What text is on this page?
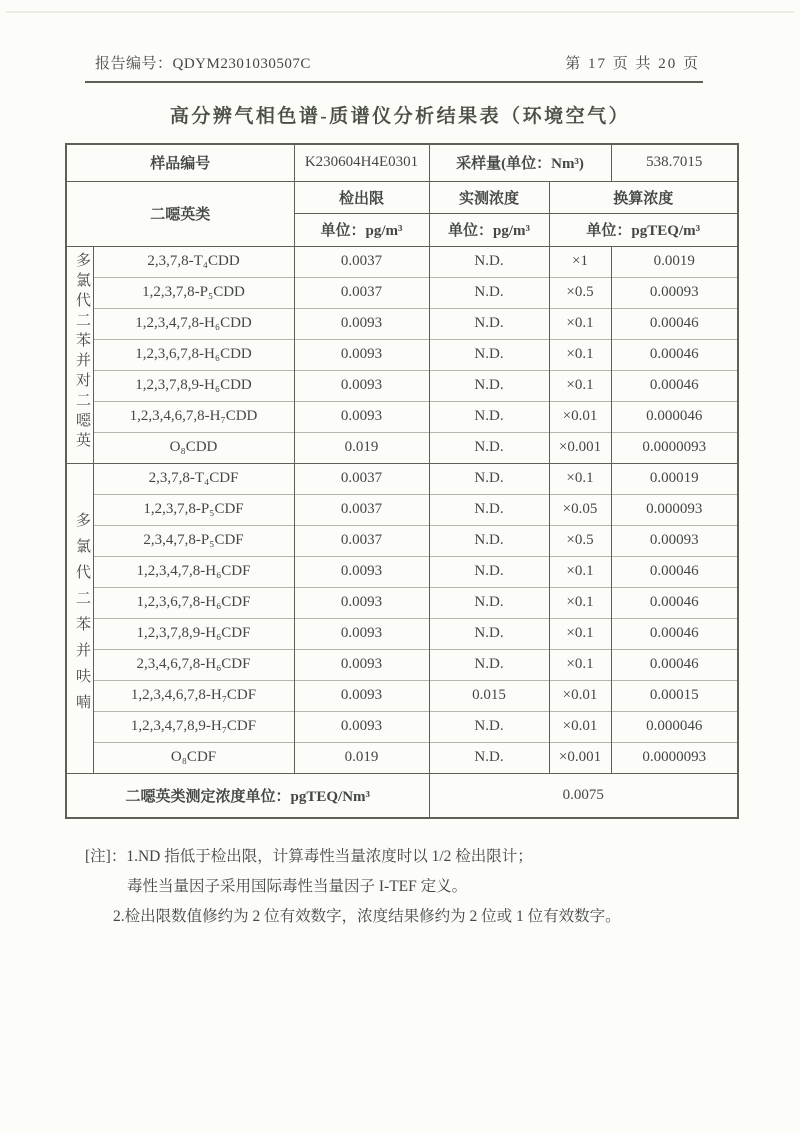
报告编号：QDYM2301030507C	第 17 页 共 20 页
高分辨气相色谱-质谱仪分析结果表（环境空气）
样品编号		K230604H4E0301	采样量(单位：Nm³)		538.7015
二噁英类		检出限	实测浓度	换算浓度	
		单位：pg/m³	单位：pg/m³	单位：pgTEQ/m³	
多氯代二苯并对二噁英	2,3,7,8-T₄CDD	0.0037	N.D.	×1	0.0019
	1,2,3,7,8-P₅CDD	0.0037	N.D.	×0.5	0.00093
	1,2,3,4,7,8-H₆CDD	0.0093	N.D.	×0.1	0.00046
	1,2,3,6,7,8-H₆CDD	0.0093	N.D.	×0.1	0.00046
	1,2,3,7,8,9-H₆CDD	0.0093	N.D.	×0.1	0.00046
	1,2,3,4,6,7,8-H₇CDD	0.0093	N.D.	×0.01	0.000046
	O₈CDD	0.019	N.D.	×0.001	0.0000093
多氯代二苯并呋喃	2,3,7,8-T₄CDF	0.0037	N.D.	×0.1	0.00019
	1,2,3,7,8-P₅CDF	0.0037	N.D.	×0.05	0.000093
	2,3,4,7,8-P₅CDF	0.0037	N.D.	×0.5	0.00093
	1,2,3,4,7,8-H₆CDF	0.0093	N.D.	×0.1	0.00046
	1,2,3,6,7,8-H₆CDF	0.0093	N.D.	×0.1	0.00046
	1,2,3,7,8,9-H₆CDF	0.0093	N.D.	×0.1	0.00046
	2,3,4,6,7,8-H₆CDF	0.0093	N.D.	×0.1	0.00046
	1,2,3,4,6,7,8-H₇CDF	0.0093	0.015	×0.01	0.00015
	1,2,3,4,7,8,9-H₇CDF	0.0093	N.D.	×0.01	0.000046
	O₈CDF	0.019	N.D.	×0.001	0.0000093
二噁英类测定浓度单位：pgTEQ/Nm³			0.0075		
[注]：1.ND 指低于检出限，计算毒性当量浓度时以 1/2 检出限计；
毒性当量因子采用国际毒性当量因子 I-TEF 定义。
2.检出限数值修约为 2 位有效数字，浓度结果修约为 2 位或 1 位有效数字。
